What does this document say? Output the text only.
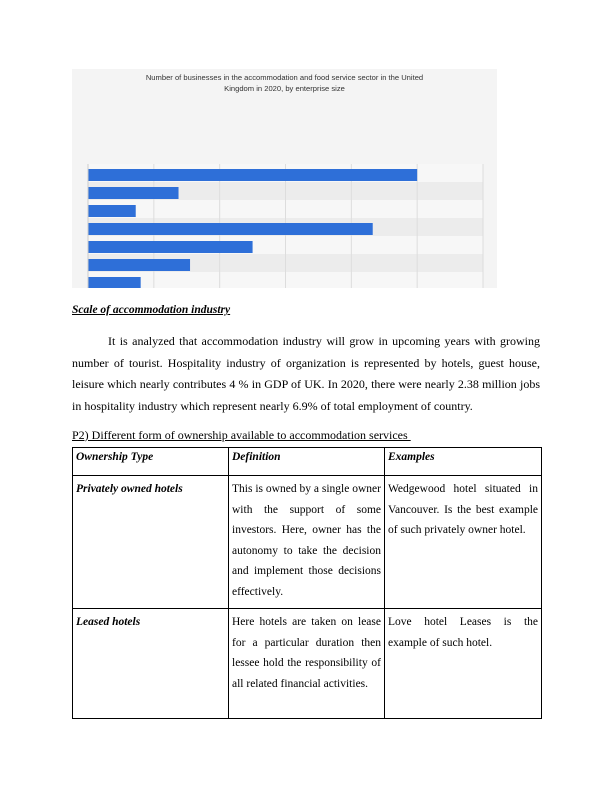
Number of businesses in the accommodation and food service sector in the United
Kingdom in 2020, by enterprise size
Scale of accommodation industry

It is analyzed that accommodation industry will grow in upcoming years with growing number of tourist. Hospitality industry of organization is represented by hotels, guest house, leisure which nearly contributes 4 % in GDP of UK. In 2020, there were nearly 2.38 million jobs in hospitality industry which represent nearly 6.9% of total employment of country.

P2) Different form of ownership available to accommodation services
Ownership Type	Definition	Examples
Privately owned hotels	This is owned by a single owner with the support of some investors. Here, owner has the autonomy to take the decision and implement those decisions effectively.	Wedgewood hotel situated in Vancouver. Is the best example of such privately owner hotel.
Leased hotels	Here hotels are taken on lease for a particular duration then lessee hold the responsibility of all related financial activities.	Love hotel Leases is the example of such hotel.
